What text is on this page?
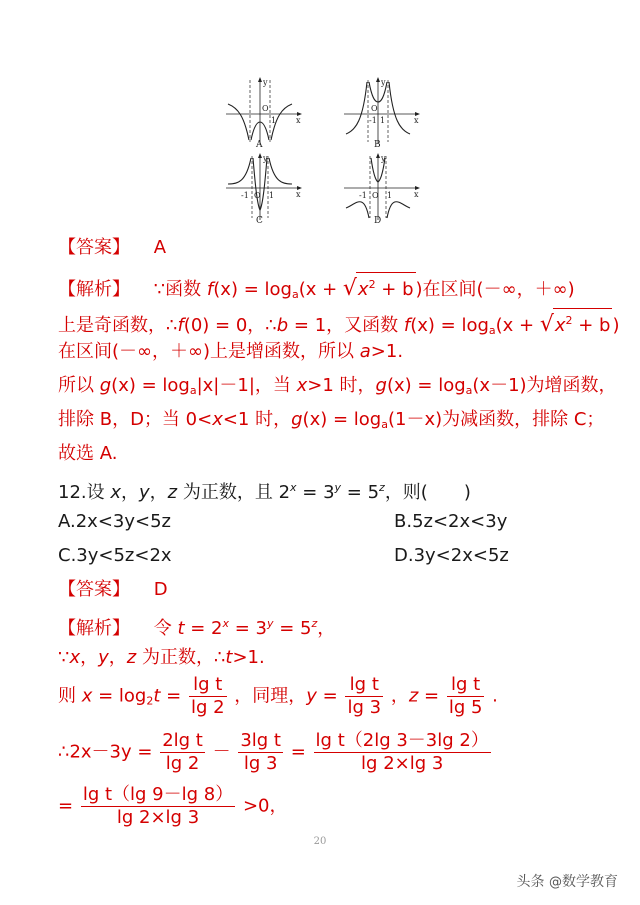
O
x
y
1
A
O
x
y
-1 1
B
O	x
y
-1	1
C
O	x
y
-1	1
D
【答案】 A
【解析】 ∵函数 $f(x) = \log_a(x + √x^2 + b$ )在区间(－∞，＋∞)
上是奇函数，∴f(0) = 0，∴b = 1，又函数 $f(x) = \log_a(x + √x^2 + b$ )
在区间(－∞，＋∞)上是增函数，所以 a>1.
所以 $g(x) = \log_a|x|-1|$，当 x>1 时，$g(x) = \log_a(x-1)$为增函数，
排除 B，D；当 0<x<1 时，$g(x) = \log_a(1-x)$为减函数，排除 C；
故选 A.
12.设 x，y，z 为正数，且 $2^x = 3^y = 5^z$，则(　　)
A.2x<3y<5z	B.5z<2x<3y
C.3y<5z<2x	D.3y<2x<5z
【答案】 D
【解析】 令 $t = 2^x = 3^y = 5^z$，
∵x，y，z 为正数，∴t>1.
则 $x = \log_2t = \frac{\text{lg t}}{\lg 2}$ ，同理，$y = \frac{\text{lg t}}{\lg 3}$ ，$z = \frac{\text{lg t}}{\lg 5}$ .
∴2x－3y = $\frac{\text{2lg t}}{\lg 2} - \frac{\text{3lg t}}{\lg 3} = \frac{\text{lg t（2lg 3－3lg 2）}}{\lg 2\times\lg 3}$
= $\frac{\text{lg t（lg 9－lg 8）}}{\lg 2\times\lg 3} >0$，
20
头条 @数学教育
